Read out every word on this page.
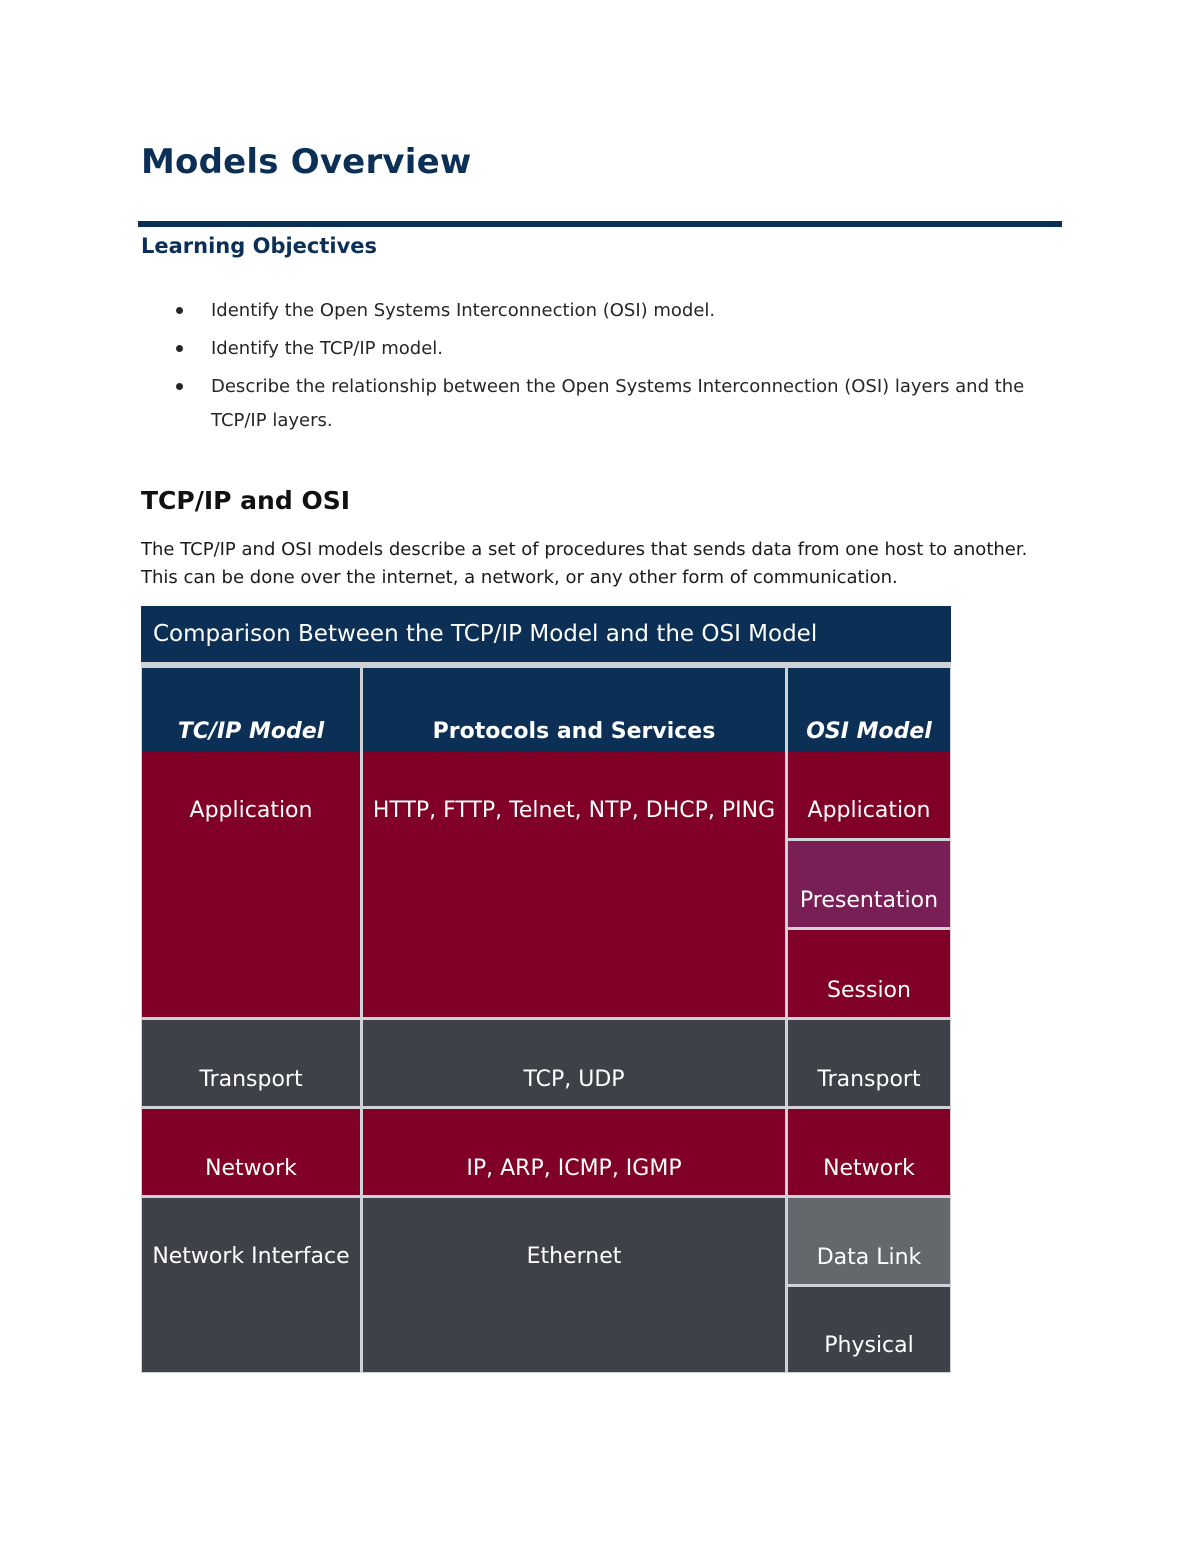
Models Overview
Learning Objectives
Identify the Open Systems Interconnection (OSI) model.
Identify the TCP/IP model.
Describe the relationship between the Open Systems Interconnection (OSI) layers and the TCP/IP layers.
TCP/IP and OSI

The TCP/IP and OSI models describe a set of procedures that sends data from one host to another.
This can be done over the internet, a network, or any other form of communication.

Comparison Between the TCP/IP Model and the OSI Model
TC/IP Model	Protocols and Services	OSI Model
Application
Transport
Network
Network Interface
HTTP, FTTP, Telnet, NTP, DHCP, PING
TCP, UDP
IP, ARP, ICMP, IGMP
Ethernet
Application
Presentation
Session
Transport
Network
Data Link
Physical
